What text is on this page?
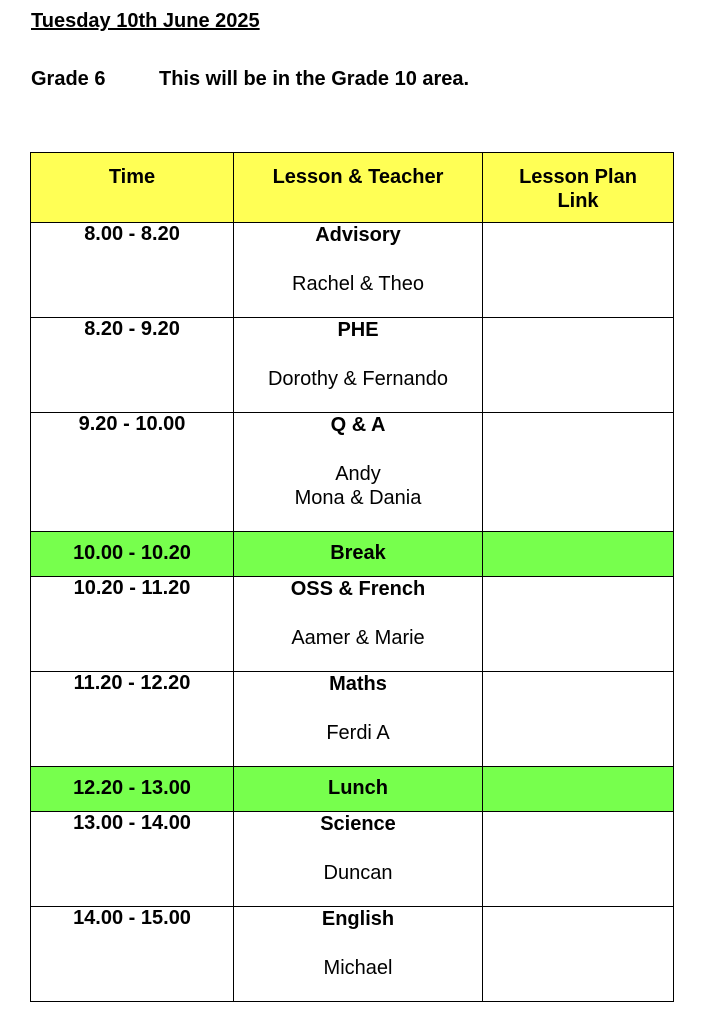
Tuesday 10th June 2025
Grade 6	This will be in the Grade 10 area.
Time	Lesson & Teacher	Lesson Plan Link

8.00 - 8.20	Advisory
Rachel & Theo	

8.20 - 9.20	PHE
Dorothy & Fernando	

9.20 - 10.00	Q & A
Andy
Mona & Dania	

10.00 - 10.20	Break	
10.20 - 11.20	OSS & French
Aamer & Marie	

11.20 - 12.20	Maths
Ferdi A	

12.20 - 13.00	Lunch	
13.00 - 14.00	Science
Duncan	

14.00 - 15.00	English
Michael	
